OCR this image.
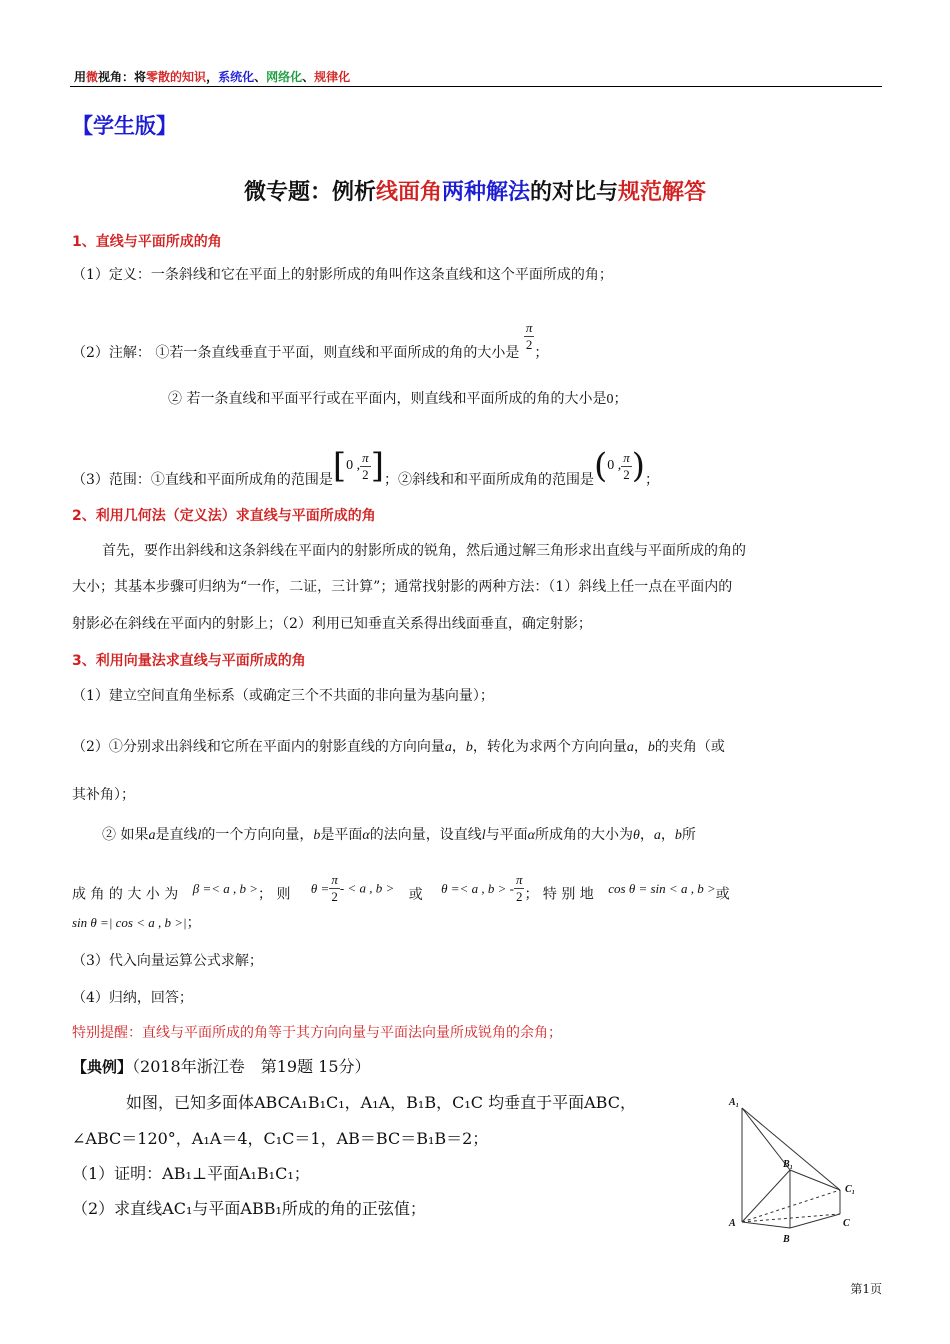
用微视角：将零散的知识，系统化、网络化、规律化
【学生版】
微专题：例析线面角两种解法的对比与规范解答
1、直线与平面所成的角
（1）定义：一条斜线和它在平面上的射影所成的角叫作这条直线和这个平面所成的角；
（2）注解： ①若一条直线垂直于平面，则直线和平面所成的角的大小是
$\frac{\pi}{2}$
；
② 若一条直线和平面平行或在平面内，则直线和平面所成的角的大小是0；
（3）范围：①直线和平面所成角的范围是[0 , $\frac{\pi}{2}$ ]；②斜线和和平面所成角的范围是(0 , $\frac{\pi}{2}$ )；
2、利用几何法（定义法）求直线与平面所成的角
首先，要作出斜线和这条斜线在平面内的射影所成的锐角，然后通过解三角形求出直线与平面所成的角的
大小；其基本步骤可归纳为“一作，二证，三计算”；通常找射影的两种方法：（1）斜线上任一点在平面内的
射影必在斜线在平面内的射影上；（2）利用已知垂直关系得出线面垂直，确定射影；
3、利用向量法求直线与平面所成的角
（1）建立空间直角坐标系（或确定三个不共面的非向量为基向量）；
（2）①分别求出斜线和它所在平面内的射影直线的方向向量a，b，转化为求两个方向向量a，b的夹角（或
其补角）；
② 如果a是直线l的一个方向向量，b是平面α的法向量，设直线l与平面α所成角的大小为θ，a，b所
成 角 的 大 小 为 β =< a , b >； 则 $\theta = \frac{\pi}{2}$ - < a , b > 或 θ =< a , b > - $\frac{\pi}{2}$ ； 特 别 地 cos θ = sin < a , b >或
sin θ =| cos < a , b >|；
（3）代入向量运算公式求解；
（4）归纳，回答；
特别提醒：直线与平面所成的角等于其方向向量与平面法向量所成锐角的余角；
【典例】（2018年浙江卷　第19题 15分）
如图，已知多面体ABCA₁B₁C₁，A₁A，B₁B，C₁C 均垂直于平面ABC，
∠ABC＝120°，A₁A＝4，C₁C＝1，AB＝BC＝B₁B＝2；
（1）证明：AB₁⊥平面A₁B₁C₁；
（2）求直线AC₁与平面ABB₁所成的角的正弦值；
A₁
B₁
C₁
A
B
C
第1页
